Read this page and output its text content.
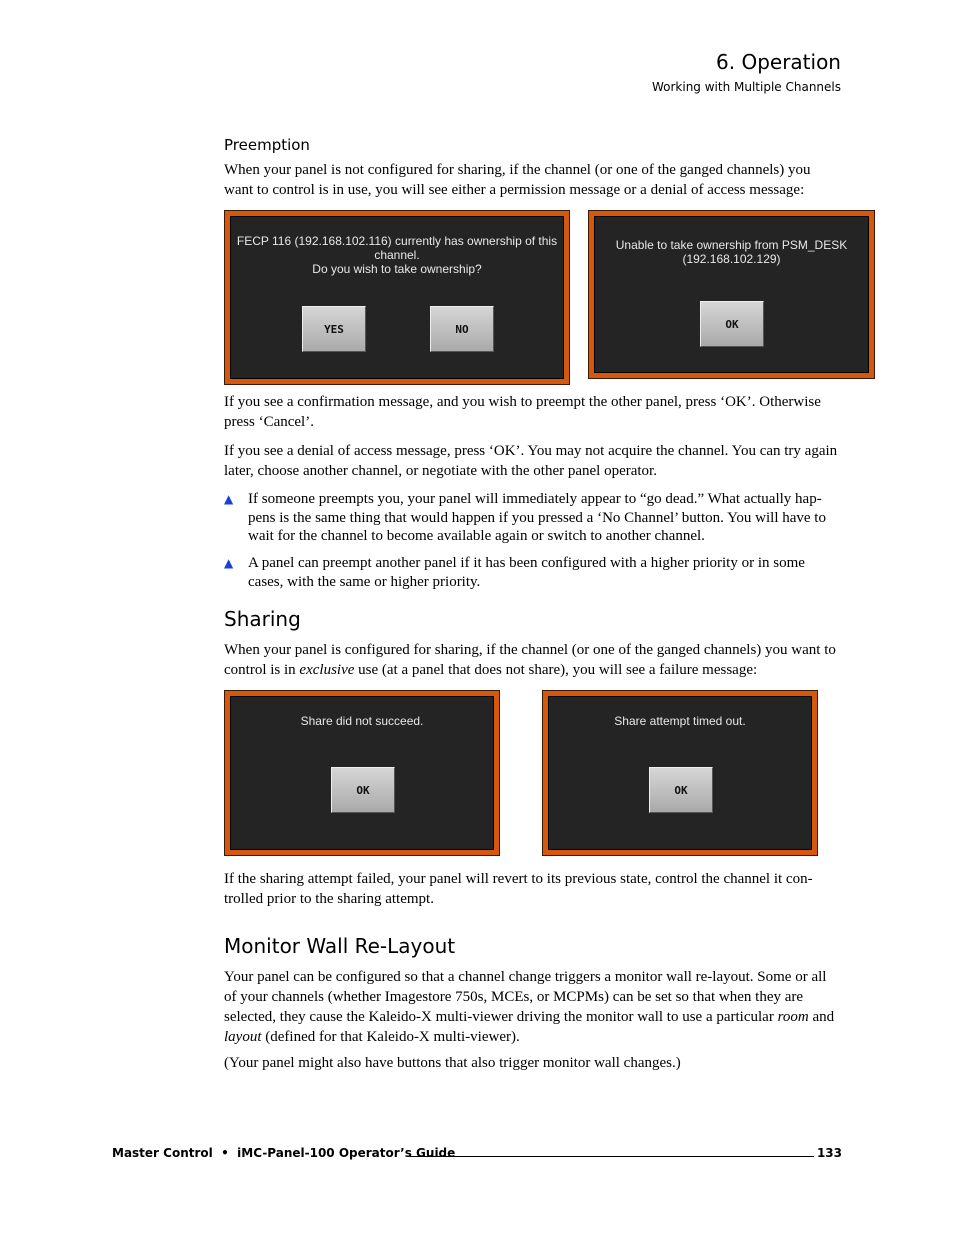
6. Operation
Working with Multiple Channels
Preemption

When your panel is not configured for sharing, if the channel (or one of the ganged channels) you want to control is in use, you will see either a permission message or a denial of access message:

FECP 116 (192.168.102.116) currently has ownership of this
channel.
Do you wish to take ownership?
YES	NO
Unable to take ownership from PSM_DESK
(192.168.102.129)
OK

If you see a confirmation message, and you wish to preempt the other panel, press ‘OK’. Otherwise press ‘Cancel’.

If you see a denial of access message, press ‘OK’. You may not acquire the channel. You can try again later, choose another channel, or negotiate with the other panel operator.

▲ If someone preempts you, your panel will immediately appear to “go dead.” What actually hap-pens is the same thing that would happen if you pressed a ‘No Channel’ button. You will have to wait for the channel to become available again or switch to another channel.
▲ A panel can preempt another panel if it has been configured with a higher priority or in some cases, with the same or higher priority.
Sharing

When your panel is configured for sharing, if the channel (or one of the ganged channels) you want to control is in exclusive use (at a panel that does not share), you will see a failure message:

Share did not succeed.
OK
Share attempt timed out.
OK

If the sharing attempt failed, your panel will revert to its previous state, control the channel it con-trolled prior to the sharing attempt.

Monitor Wall Re-Layout

Your panel can be configured so that a channel change triggers a monitor wall re-layout. Some or all of your channels (whether Imagestore 750s, MCEs, or MCPMs) can be set so that when they are selected, they cause the Kaleido-X multi-viewer driving the monitor wall to use a particular room and layout (defined for that Kaleido-X multi-viewer).

(Your panel might also have buttons that also trigger monitor wall changes.)

Master Control  •  iMC-Panel-100 Operator’s Guide	133
